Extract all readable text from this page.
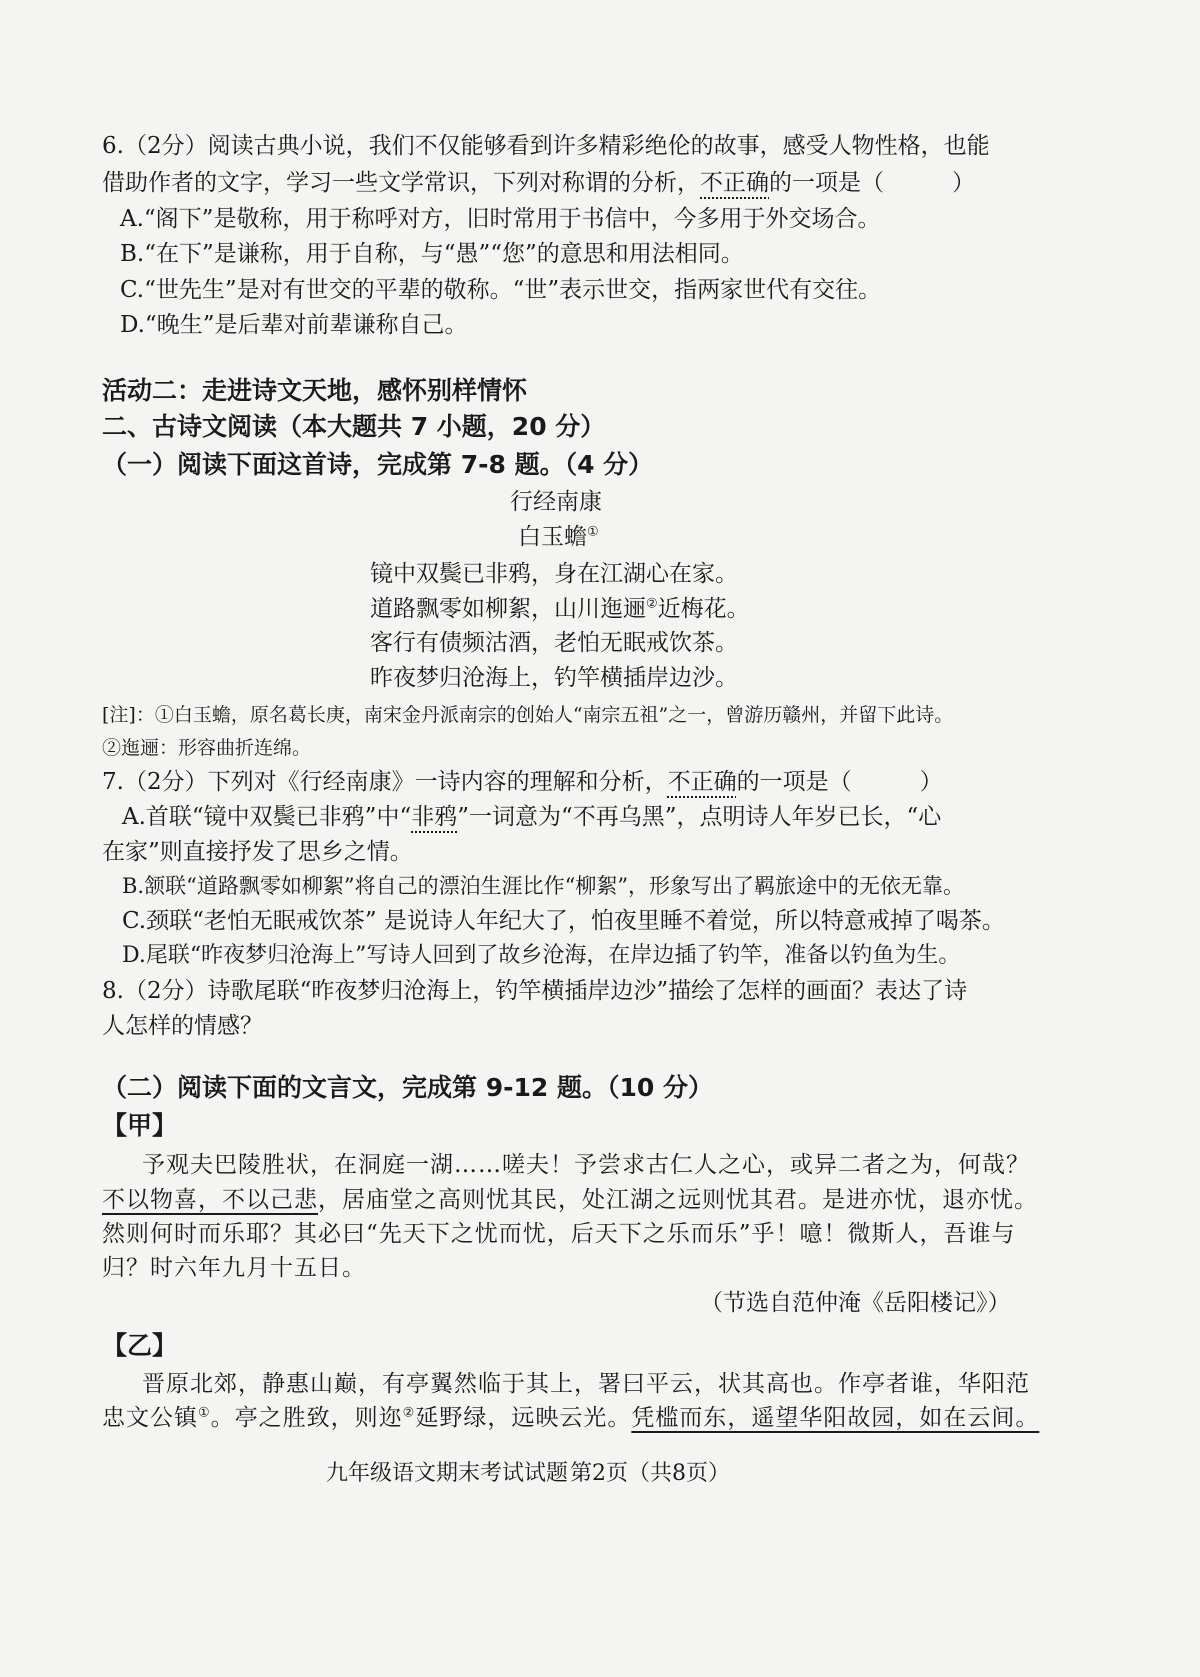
6.（2分）阅读古典小说，我们不仅能够看到许多精彩绝伦的故事，感受人物性格，也能
借助作者的文字，学习一些文学常识，下列对称谓的分析，不正确的一项是（	）
A.“阁下”是敬称，用于称呼对方，旧时常用于书信中，今多用于外交场合。
B.“在下”是谦称，用于自称，与“愚”“您”的意思和用法相同。
C.“世先生”是对有世交的平辈的敬称。“世”表示世交，指两家世代有交往。
D.“晚生”是后辈对前辈谦称自己。
活动二：走进诗文天地，感怀别样情怀
二、古诗文阅读（本大题共 7 小题，20 分）
（一）阅读下面这首诗，完成第 7-8 题。（4 分）
行经南康
白玉蟾①
镜中双鬓已非鸦，身在江湖心在家。
道路飘零如柳絮，山川迤逦②近梅花。
客行有债频沽酒，老怕无眠戒饮茶。
昨夜梦归沧海上，钓竿横插岸边沙。
[注]：①白玉蟾，原名葛长庚，南宋金丹派南宗的创始人“南宗五祖”之一，曾游历赣州，并留下此诗。
②迤逦：形容曲折连绵。
7.（2分）下列对《行经南康》一诗内容的理解和分析，不正确的一项是（	）
A.首联“镜中双鬓已非鸦”中“非鸦”一词意为“不再乌黑”，点明诗人年岁已长，“心
在家”则直接抒发了思乡之情。
B.颔联“道路飘零如柳絮”将自己的漂泊生涯比作“柳絮”，形象写出了羁旅途中的无依无靠。
C.颈联“老怕无眠戒饮茶” 是说诗人年纪大了，怕夜里睡不着觉，所以特意戒掉了喝茶。
D.尾联“昨夜梦归沧海上”写诗人回到了故乡沧海，在岸边插了钓竿，准备以钓鱼为生。
8.（2分）诗歌尾联“昨夜梦归沧海上，钓竿横插岸边沙”描绘了怎样的画面？表达了诗
人怎样的情感？
（二）阅读下面的文言文，完成第 9-12 题。（10 分）
【甲】
予观夫巴陵胜状，在洞庭一湖……嗟夫！予尝求古仁人之心，或异二者之为，何哉？
不以物喜，不以己悲，居庙堂之高则忧其民，处江湖之远则忧其君。是进亦忧，退亦忧。
然则何时而乐耶？其必曰“先天下之忧而忧，后天下之乐而乐”乎！噫！微斯人，吾谁与
归？时六年九月十五日。
（节选自范仲淹《岳阳楼记》）
【乙】
晋原北郊，静惠山巅，有亭翼然临于其上，署曰平云，状其高也。作亭者谁，华阳范
忠文公镇①。亭之胜致，则迩②延野绿，远映云光。凭槛而东，遥望华阳故园，如在云间。
九年级语文期末考试试题 第2页（共8页）
